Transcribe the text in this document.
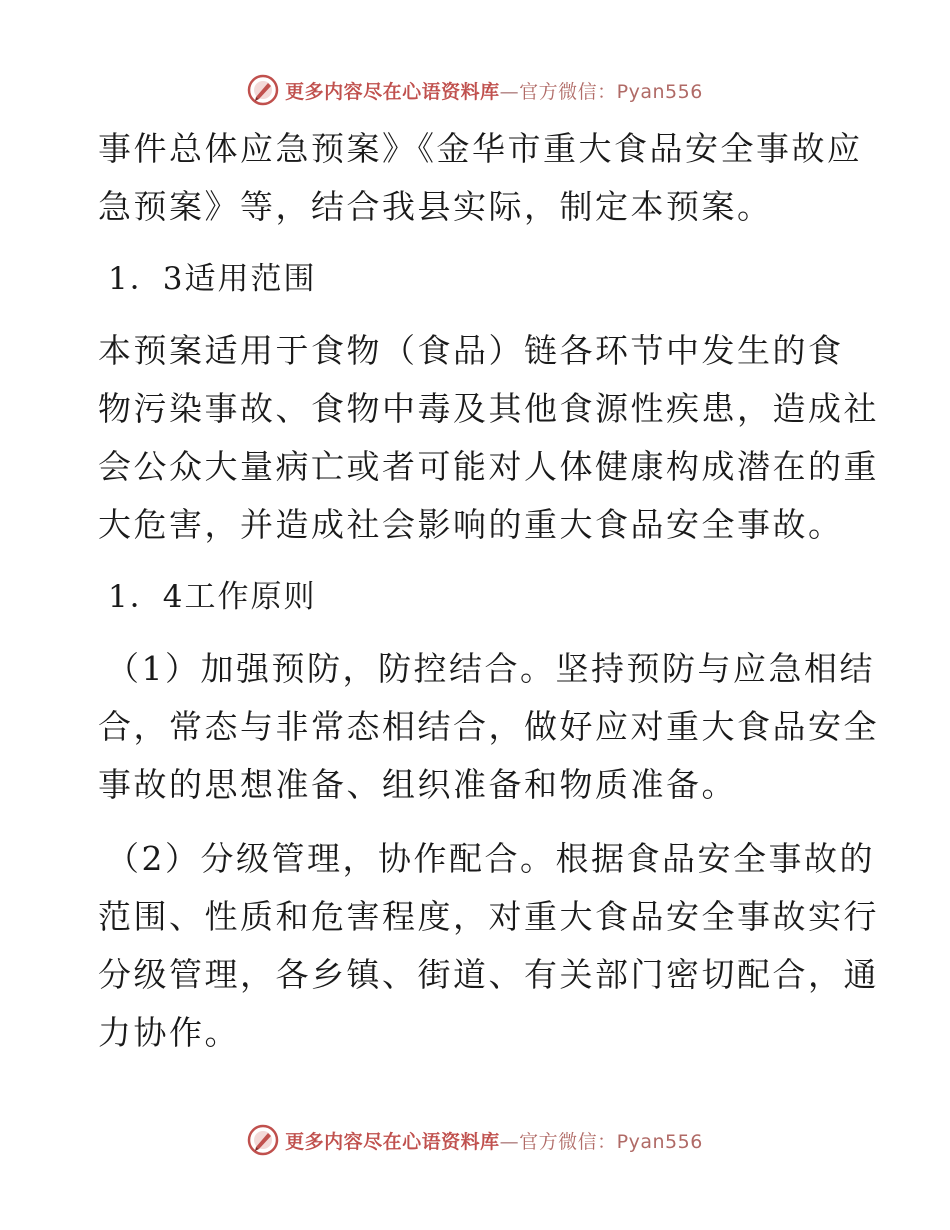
更多内容尽在心语资料库—官方微信：Pyan556
事件总体应急预案》《金华市重大食品安全事故应
急预案》等，结合我县实际，制定本预案。
1．3适用范围
本预案适用于食物（食品）链各环节中发生的食
物污染事故、食物中毒及其他食源性疾患，造成社
会公众大量病亡或者可能对人体健康构成潜在的重
大危害，并造成社会影响的重大食品安全事故。
1．4工作原则
（1）加强预防，防控结合。坚持预防与应急相结
合，常态与非常态相结合，做好应对重大食品安全
事故的思想准备、组织准备和物质准备。
（2）分级管理，协作配合。根据食品安全事故的
范围、性质和危害程度，对重大食品安全事故实行
分级管理，各乡镇、街道、有关部门密切配合，通
力协作。
更多内容尽在心语资料库—官方微信：Pyan556
